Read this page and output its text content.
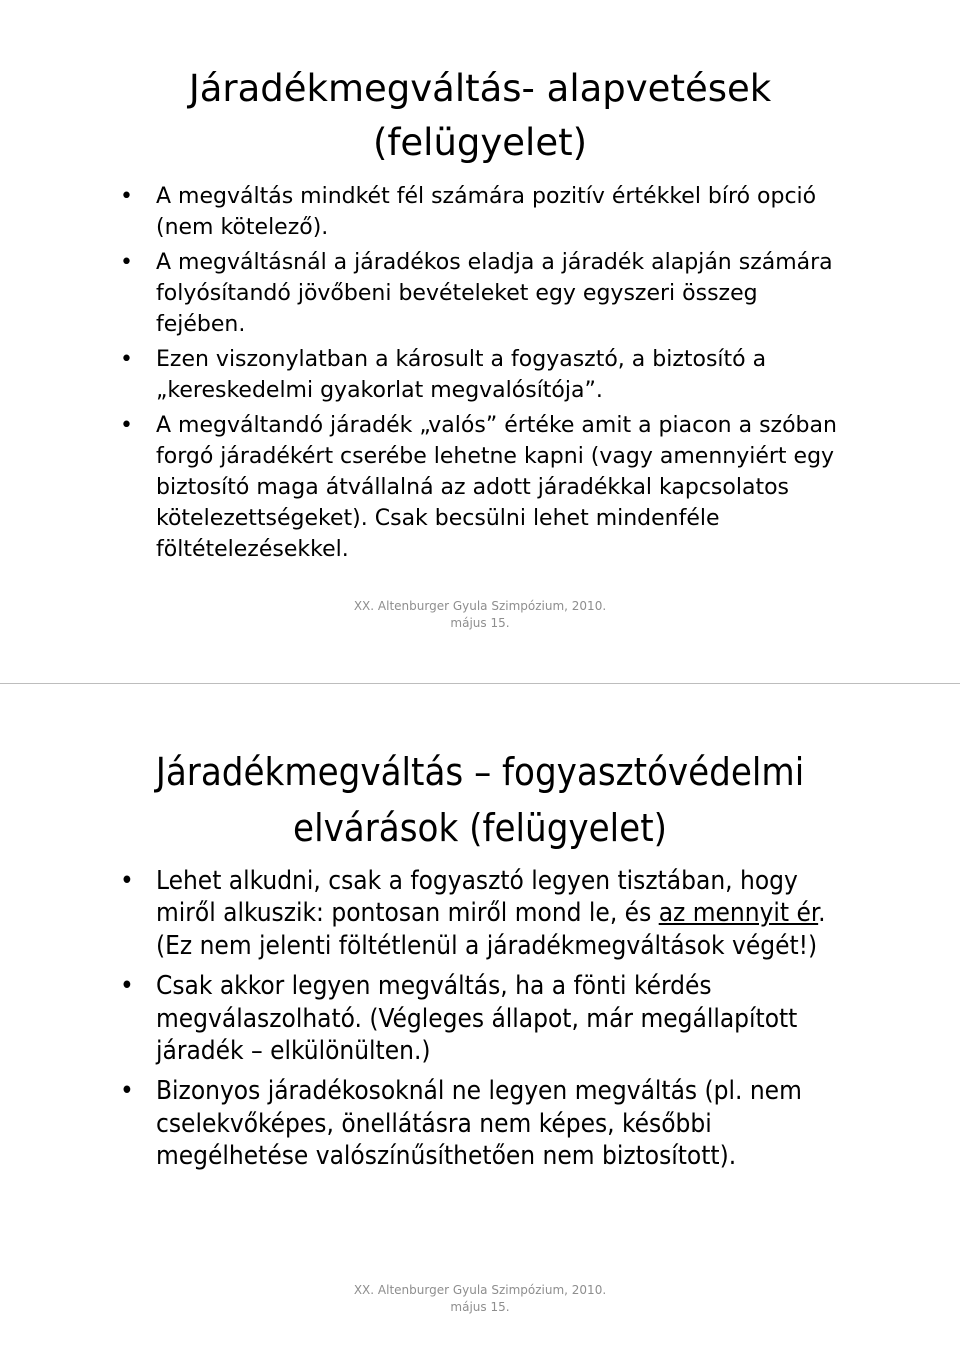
Járadékmegváltás- alapvetések
(felügyelet)
• A megváltás mindkét fél számára pozitív értékkel bíró opció (nem kötelező).
• A megváltásnál a járadékos eladja a járadék alapján számára folyósítandó jövőbeni bevételeket egy egyszeri összeg fejében.
• Ezen viszonylatban a károsult a fogyasztó, a biztosító a „kereskedelmi gyakorlat megvalósítója”.
• A megváltandó járadék „valós” értéke amit a piacon a szóban forgó járadékért cserébe lehetne kapni (vagy amennyiért egy biztosító maga átvállalná az adott járadékkal kapcsolatos kötelezettségeket). Csak becsülni lehet mindenféle föltételezésekkel.
XX. Altenburger Gyula Szimpózium, 2010.
május 15.
Járadékmegváltás – fogyasztóvédelmi
elvárások (felügyelet)
• Lehet alkudni, csak a fogyasztó legyen tisztában, hogy miről alkuszik: pontosan miről mond le, és az mennyit ér. (Ez nem jelenti föltétlenül a járadékmegváltások végét!)
• Csak akkor legyen megváltás, ha a fönti kérdés megválaszolható. (Végleges állapot, már megállapított járadék – elkülönülten.)
• Bizonyos járadékosoknál ne legyen megváltás (pl. nem cselekvőképes, önellátásra nem képes, későbbi megélhetése valószínűsíthetően nem biztosított).
XX. Altenburger Gyula Szimpózium, 2010.
május 15.
